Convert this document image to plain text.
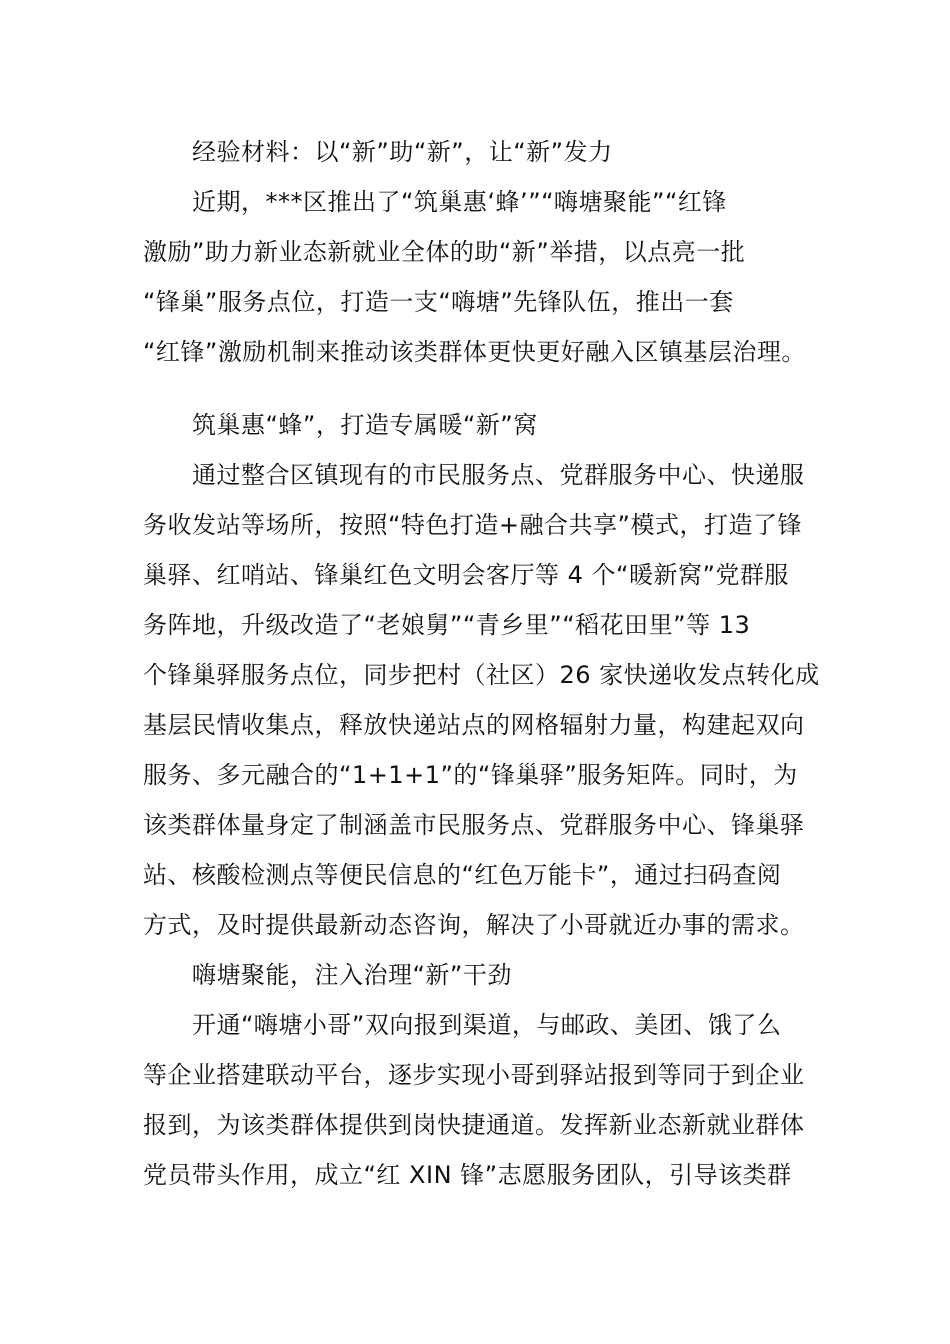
经验材料：以“新”助“新”，让“新”发力
近期，***区推出了“筑巢惠‘蜂’”“嗨塘聚能”“红锋
激励”助力新业态新就业全体的助“新”举措，以点亮一批
“锋巢”服务点位，打造一支“嗨塘”先锋队伍，推出一套
“红锋”激励机制来推动该类群体更快更好融入区镇基层治理。
筑巢惠“蜂”，打造专属暖“新”窝
通过整合区镇现有的市民服务点、党群服务中心、快递服
务收发站等场所，按照“特色打造+融合共享”模式，打造了锋
巢驿、红哨站、锋巢红色文明会客厅等 4 个“暖新窝”党群服
务阵地，升级改造了“老娘舅”“青乡里”“稻花田里”等 13
个锋巢驿服务点位，同步把村（社区）26 家快递收发点转化成
基层民情收集点，释放快递站点的网格辐射力量，构建起双向
服务、多元融合的“1+1+1”的“锋巢驿”服务矩阵。同时，为
该类群体量身定了制涵盖市民服务点、党群服务中心、锋巢驿
站、核酸检测点等便民信息的“红色万能卡”，通过扫码查阅
方式，及时提供最新动态咨询，解决了小哥就近办事的需求。
嗨塘聚能，注入治理“新”干劲
开通“嗨塘小哥”双向报到渠道，与邮政、美团、饿了么
等企业搭建联动平台，逐步实现小哥到驿站报到等同于到企业
报到，为该类群体提供到岗快捷通道。发挥新业态新就业群体
党员带头作用，成立“红 XIN 锋”志愿服务团队，引导该类群
